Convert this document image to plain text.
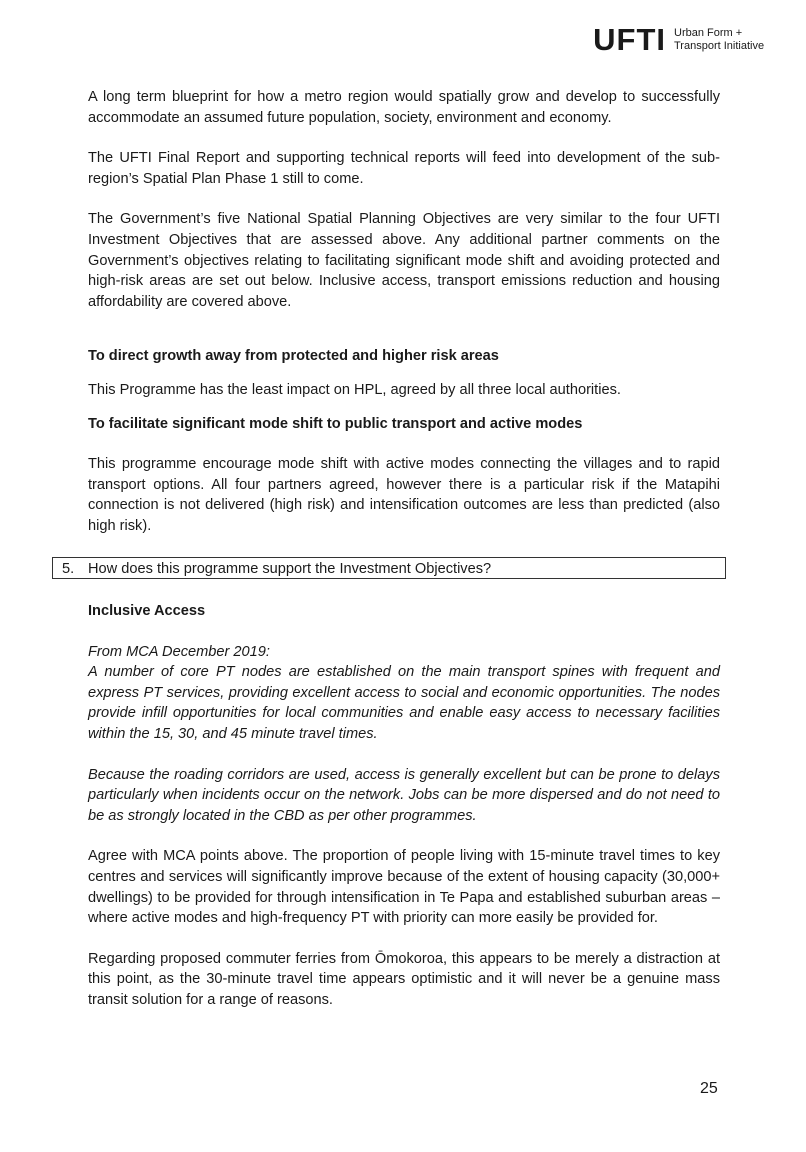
UFTI Urban Form +
Transport Initiative

A long term blueprint for how a metro region would spatially grow and develop to successfully accommodate an assumed future population, society, environment and economy.

The UFTI Final Report and supporting technical reports will feed into development of the sub-region’s Spatial Plan Phase 1 still to come.

The Government’s five National Spatial Planning Objectives are very similar to the four UFTI Investment Objectives that are assessed above. Any additional partner comments on the Government’s objectives relating to facilitating significant mode shift and avoiding protected and high-risk areas are set out below. Inclusive access, transport emissions reduction and housing affordability are covered above.

To direct growth away from protected and higher risk areas

This Programme has the least impact on HPL, agreed by all three local authorities.

To facilitate significant mode shift to public transport and active modes

This programme encourage mode shift with active modes connecting the villages and to rapid transport options. All four partners agreed, however there is a particular risk if the Matapihi connection is not delivered (high risk) and intensification outcomes are less than predicted (also high risk).

5. How does this programme support the Investment Objectives?
Inclusive Access

From MCA December 2019:

A number of core PT nodes are established on the main transport spines with frequent and express PT services, providing excellent access to social and economic opportunities. The nodes provide infill opportunities for local communities and enable easy access to necessary facilities within the 15, 30, and 45 minute travel times.

Because the roading corridors are used, access is generally excellent but can be prone to delays particularly when incidents occur on the network. Jobs can be more dispersed and do not need to be as strongly located in the CBD as per other programmes.

Agree with MCA points above. The proportion of people living with 15-minute travel times to key centres and services will significantly improve because of the extent of housing capacity (30,000+ dwellings) to be provided for through intensification in Te Papa and established suburban areas – where active modes and high-frequency PT with priority can more easily be provided for.

Regarding proposed commuter ferries from Ōmokoroa, this appears to be merely a distraction at this point, as the 30-minute travel time appears optimistic and it will never be a genuine mass transit solution for a range of reasons.

25
